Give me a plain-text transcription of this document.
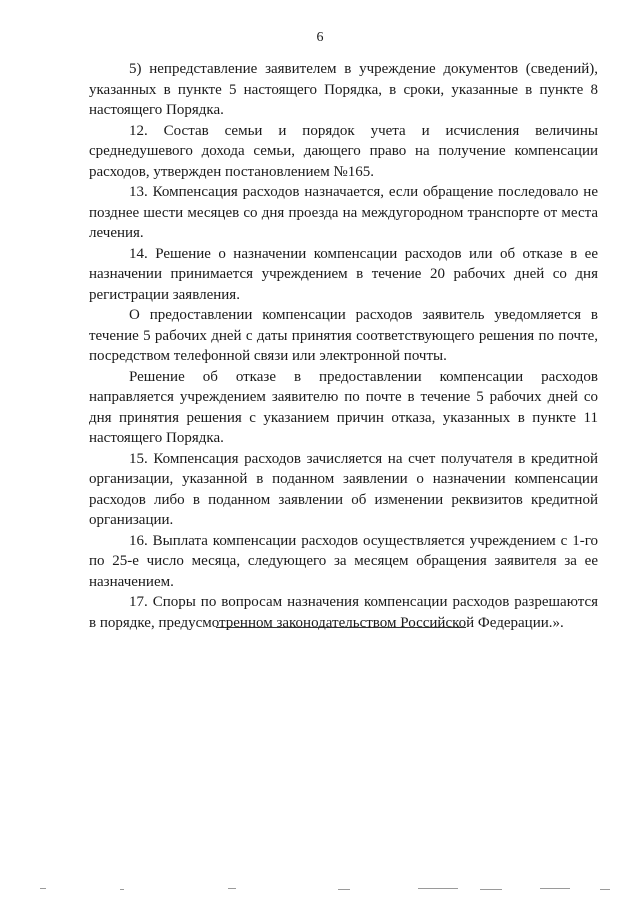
6

5) непредставление заявителем в учреждение документов (сведений), указанных в пункте 5 настоящего Порядка, в сроки, указанные в пункте 8 настоящего Порядка.

12. Состав семьи и порядок учета и исчисления величины среднедушевого дохода семьи, дающего право на получение компенсации расходов, утвержден постановлением №165.

13. Компенсация расходов назначается, если обращение последовало не позднее шести месяцев со дня проезда на междугородном транспорте от места лечения.

14. Решение о назначении компенсации расходов или об отказе в ее назначении принимается учреждением в течение 20 рабочих дней со дня регистрации заявления.

О предоставлении компенсации расходов заявитель уведомляется в течение 5 рабочих дней с даты принятия соответствующего решения по почте, посредством телефонной связи или электронной почты.

Решение об отказе в предоставлении компенсации расходов направляется учреждением заявителю по почте в течение 5 рабочих дней со дня принятия решения с указанием причин отказа, указанных в пункте 11 настоящего Порядка.

15. Компенсация расходов зачисляется на счет получателя в кредитной организации, указанной в поданном заявлении о назначении компенсации расходов либо в поданном заявлении об изменении реквизитов кредитной организации.

16. Выплата компенсации расходов осуществляется учреждением с 1-го по 25-е число месяца, следующего за месяцем обращения заявителя за ее назначением.

17. Споры по вопросам назначения компенсации расходов разрешаются в порядке, предусмотренном законодательством Российской Федерации.».
